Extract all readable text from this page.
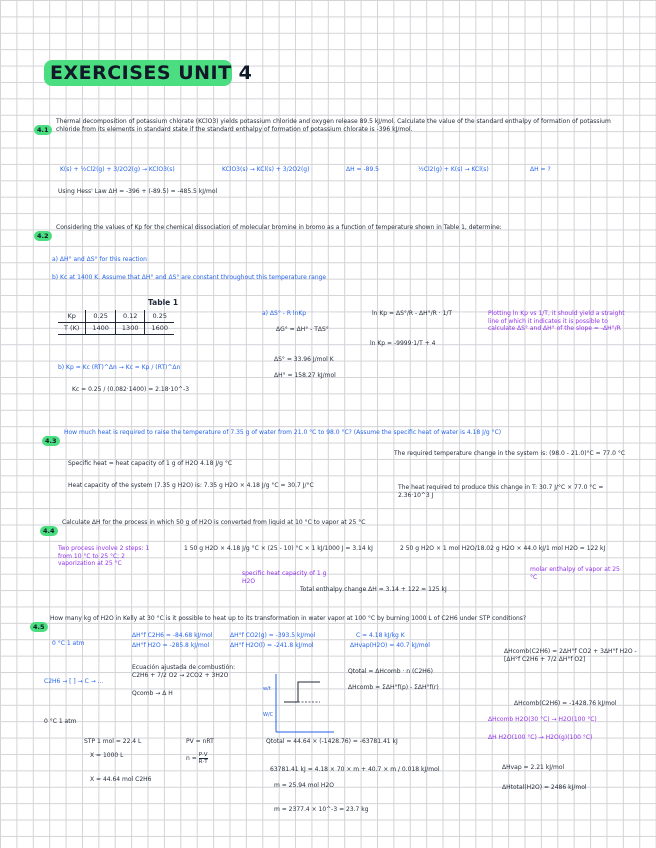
EXERCISES UNIT 4
4.1
Thermal decomposition of potassium chlorate (KClO3) yields potassium chloride and oxygen release 89.5 kJ/mol. Calculate the value of the standard enthalpy of formation of potassium chloride from its elements in standard state if the standard enthalpy of formation of potassium chlorate is -396 kJ/mol.
K(s) + ½Cl2(g) + 3/2O2(g) → KClO3(s)	KClO3(s) → KCl(s) + 3/2O2(g)	ΔH = -89.5	½Cl2(g) + K(s) → KCl(s)	ΔH = ?
Using Hess' Law ΔH = -396 + (-89.5) = -485.5 kJ/mol
4.2
Considering the values of Kp for the chemical dissociation of molecular bromine in bromo as a function of temperature shown in Table 1, determine:
a) ΔH° and ΔS° for this reaction
b) Kc at 1400 K. Assume that ΔH° and ΔS° are constant throughout this temperature range
Table 1
Kp	0.25	0.12	0.25
T (K)	1400	1300	1600
a) ΔS° - R lnKp
ΔG° = ΔH° - TΔS°
ln Kp = ΔS°/R - ΔH°/R · 1/T
ln Kp = -9999·1/T + 4
Plotting ln Kp vs 1/T, it should yield a straight line of which it indicates it is possible to calculate ΔS° and ΔH° of the slope = -ΔH°/R
ΔS° = 33.96 J/mol K
ΔH° = 158.27 kJ/mol
b) Kp = Kc (RT)^Δn → Kc = Kp / (RT)^Δn
Kc = 0.25 / (0.082·1400) = 2.18·10^-3
4.3
How much heat is required to raise the temperature of 7.35 g of water from 21.0 °C to 98.0 °C? (Assume the specific heat of water is 4.18 J/g °C)
Specific heat = heat capacity of 1 g of H2O 4.18 J/g °C
Heat capacity of the system (7.35 g H2O) is: 7.35 g H2O × 4.18 J/g °C = 30.7 J/°C
The required temperature change in the system is: (98.0 - 21.0)°C = 77.0 °C
The heat required to produce this change in T: 30.7 J/°C × 77.0 °C = 2.36·10^3 J
4.4
Calculate ΔH for the process in which 50 g of H2O is converted from liquid at 10 °C to vapor at 25 °C
Two process involve 2 steps: 1 from 10 °C to 25 °C; 2 vaporization at 25 °C
1 50 g H2O × 4.18 J/g °C × (25 - 10) °C × 1 kJ/1000 J = 3.14 kJ
specific heat capacity of 1 g H2O
2 50 g H2O × 1 mol H2O/18.02 g H2O × 44.0 kJ/1 mol H2O = 122 kJ
molar enthalpy of vapor at 25 °C
Total enthalpy change ΔH = 3.14 + 122 = 125 kJ
4.5
How many kg of H2O in Kelly at 30 °C is it possible to heat up to its transformation in water vapor at 100 °C by burning 1000 L of C2H6 under STP conditions?
0 °C 1 atm
ΔH°f C2H6 = -84.68 kJ/mol	ΔH°f CO2(g) = -393.5 kJ/mol
ΔH°f H2O = -285.8 kJ/mol
C = 4.18 kJ/kg K
ΔH°f H2O(l) = -241.8 kJ/mol	ΔHvap(H2O) = 40.7 kJ/mol
ΔHcomb(C2H6) = 2ΔH°f CO2 + 3ΔH°f H2O - [ΔH°f C2H6 + 7/2 ΔH°f O2]
ΔHcomb(C2H6) = -1428.76 kJ/mol
C2H6 → [ ] → C → …
Ecuación ajustada de combustión: C2H6 + 7/2 O2 → 2CO2 + 3H2O
Qcomb → Δ H
w/t
W/C
Qtotal = ΔHcomb · n (C2H6)
ΔHcomb = ΣΔH°f(p) - ΣΔH°f(r)
0 °C 1 atm
STP 1 mol = 22.4 L
X = 1000 L
PV = nRT
$n = \frac{P\cdot V}{R\cdot T}$
X = 44.64 mol C2H6
Qtotal = 44.64 × (-1428.76) = -63781.41 kJ
ΔHcomb H2O(30 °C) → H2O(100 °C)
ΔH H2O(100 °C) → H2O(g)(100 °C)
63781.41 kJ = 4.18 × 70 × m + 40.7 × m / 0.018 kJ/mol
m = 25.94 mol H2O
ΔHvap = 2.21 kJ/mol
ΔHtotal(H2O) = 2486 kJ/mol
m = 2377.4 × 10^-3 = 23.7 kg
